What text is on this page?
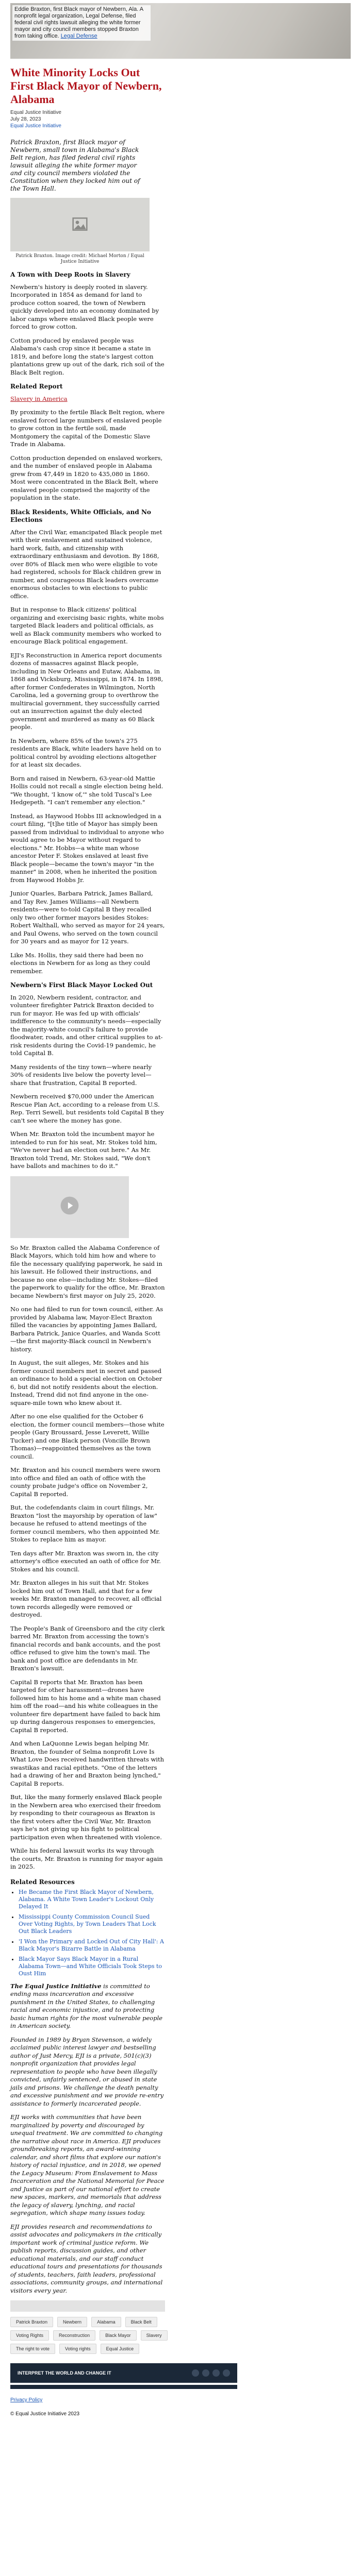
Eddie Braxton, first Black mayor of Newbern, Ala. A nonprofit legal organization, Legal Defense, filed federal civil rights lawsuit alleging the white former mayor and city council members stopped Braxton from taking office. Legal Defense
White Minority Locks Out First Black Mayor of Newbern, Alabama
Equal Justice Initiative
July 28, 2023
Equal Justice Initiative
Patrick Braxton, first Black mayor of Newbern, small town in Alabama's Black Belt region, has filed federal civil rights lawsuit alleging the white former mayor and city council members violated the Constitution when they locked him out of the Town Hall.
Patrick Braxton. Image credit: Michael Morton / Equal Justice Initiative
A Town with Deep Roots in Slavery

Newbern's history is deeply rooted in slavery. Incorporated in 1854 as demand for land to produce cotton soared, the town of Newbern quickly developed into an economy dominated by labor camps where enslaved Black people were forced to grow cotton.

Cotton produced by enslaved people was Alabama's cash crop since it became a state in 1819, and before long the state's largest cotton plantations grew up out of the dark, rich soil of the Black Belt region.

Related Report

Slavery in America

By proximity to the fertile Black Belt region, where enslaved forced large numbers of enslaved people to grow cotton in the fertile soil, made Montgomery the capital of the Domestic Slave Trade in Alabama.

Cotton production depended on enslaved workers, and the number of enslaved people in Alabama grew from 47,449 in 1820 to 435,080 in 1860. Most were concentrated in the Black Belt, where enslaved people comprised the majority of the population in the state.

Black Residents, White Officials, and No Elections

After the Civil War, emancipated Black people met with their enslavement and sustained violence, hard work, faith, and citizenship with extraordinary enthusiasm and devotion. By 1868, over 80% of Black men who were eligible to vote had registered, schools for Black children grew in number, and courageous Black leaders overcame enormous obstacles to win elections to public office.

But in response to Black citizens' political organizing and exercising basic rights, white mobs targeted Black leaders and political officials, as well as Black community members who worked to encourage Black political engagement.

EJI's Reconstruction in America report documents dozens of massacres against Black people, including in New Orleans and Eutaw, Alabama, in 1868 and Vicksburg, Mississippi, in 1874. In 1898, after former Confederates in Wilmington, North Carolina, led a governing group to overthrow the multiracial government, they successfully carried out an insurrection against the duly elected government and murdered as many as 60 Black people.

In Newbern, where 85% of the town's 275 residents are Black, white leaders have held on to political control by avoiding elections altogether for at least six decades.

Born and raised in Newbern, 63-year-old Mattie Hollis could not recall a single election being held. "We thought, 'I know of,'" she told Tuscal's Lee Hedgepeth. "I can't remember any election."

Instead, as Haywood Hobbs III acknowledged in a court filing, "[t]he title of Mayor has simply been passed from individual to individual to anyone who would agree to be Mayor without regard to elections." Mr. Hobbs—a white man whose ancestor Peter F. Stokes enslaved at least five Black people—became the town's mayor "in the manner" in 2008, when he inherited the position from Haywood Hobbs Jr.

Junior Quarles, Barbara Patrick, James Ballard, and Tay Rev. James Williams—all Newbern residents—were to-told Capital B they recalled only two other former mayors besides Stokes: Robert Walthall, who served as mayor for 24 years, and Paul Owens, who served on the town council for 30 years and as mayor for 12 years.

Like Ms. Hollis, they said there had been no elections in Newbern for as long as they could remember.

Newbern's First Black Mayor Locked Out

In 2020, Newbern resident, contractor, and volunteer firefighter Patrick Braxton decided to run for mayor. He was fed up with officials' indifference to the community's needs—especially the majority-white council's failure to provide floodwater, roads, and other critical supplies to at-risk residents during the Covid-19 pandemic, he told Capital B.

Many residents of the tiny town—where nearly 30% of residents live below the poverty level—share that frustration, Capital B reported.

Newbern received $70,000 under the American Rescue Plan Act, according to a release from U.S. Rep. Terri Sewell, but residents told Capital B they can't see where the money has gone.

When Mr. Braxton told the incumbent mayor he intended to run for his seat, Mr. Stokes told him, "We've never had an election out here." As Mr. Braxton told Trend, Mr. Stokes said, "We don't have ballots and machines to do it."

So Mr. Braxton called the Alabama Conference of Black Mayors, which told him how and where to file the necessary qualifying paperwork, he said in his lawsuit. He followed their instructions, and because no one else—including Mr. Stokes—filed the paperwork to qualify for the office, Mr. Braxton became Newbern's first mayor on July 25, 2020.

No one had filed to run for town council, either. As provided by Alabama law, Mayor-Elect Braxton filled the vacancies by appointing James Ballard, Barbara Patrick, Janice Quarles, and Wanda Scott—the first majority-Black council in Newbern's history.

In August, the suit alleges, Mr. Stokes and his former council members met in secret and passed an ordinance to hold a special election on October 6, but did not notify residents about the election. Instead, Trend did not find anyone in the one-square-mile town who knew about it.

After no one else qualified for the October 6 election, the former council members—those white people (Gary Broussard, Jesse Leverett, Willie Tucker) and one Black person (Voncille Brown Thomas)—reappointed themselves as the town council.

Mr. Braxton and his council members were sworn into office and filed an oath of office with the county probate judge's office on November 2, Capital B reported.

But, the codefendants claim in court filings, Mr. Braxton "lost the mayorship by operation of law" because he refused to attend meetings of the former council members, who then appointed Mr. Stokes to replace him as mayor.

Ten days after Mr. Braxton was sworn in, the city attorney's office executed an oath of office for Mr. Stokes and his council.

Mr. Braxton alleges in his suit that Mr. Stokes locked him out of Town Hall, and that for a few weeks Mr. Braxton managed to recover, all official town records allegedly were removed or destroyed.

The People's Bank of Greensboro and the city clerk barred Mr. Braxton from accessing the town's financial records and bank accounts, and the post office refused to give him the town's mail. The bank and post office are defendants in Mr. Braxton's lawsuit.

Capital B reports that Mr. Braxton has been targeted for other harassment—drones have followed him to his home and a white man chased him off the road—and his white colleagues in the volunteer fire department have failed to back him up during dangerous responses to emergencies, Capital B reported.

And when LaQuonne Lewis began helping Mr. Braxton, the founder of Selma nonprofit Love Is What Love Does received handwritten threats with swastikas and racial epithets. "One of the letters had a drawing of her and Braxton being lynched," Capital B reports.

But, like the many formerly enslaved Black people in the Newbern area who exercised their freedom by responding to their courageous as Braxton is the first voters after the Civil War, Mr. Braxton says he's not giving up his fight to political participation even when threatened with violence.

While his federal lawsuit works its way through the courts, Mr. Braxton is running for mayor again in 2025.

Related Resources
• He Became the First Black Mayor of Newbern, Alabama. A White Town Leader's Lockout Only Delayed It
• Mississippi County Commission Council Sued Over Voting Rights, by Town Leaders That Lock Out Black Leaders
• 'I Won the Primary and Locked Out of City Hall': A Black Mayor's Bizarre Battle in Alabama
• Black Mayor Says Black Mayor in a Rural Alabama Town—and White Officials Took Steps to Oust Him

The Equal Justice Initiative is committed to ending mass incarceration and excessive punishment in the United States, to challenging racial and economic injustice, and to protecting basic human rights for the most vulnerable people in American society.

Founded in 1989 by Bryan Stevenson, a widely acclaimed public interest lawyer and bestselling author of Just Mercy, EJI is a private, 501(c)(3) nonprofit organization that provides legal representation to people who have been illegally convicted, unfairly sentenced, or abused in state jails and prisons. We challenge the death penalty and excessive punishment and we provide re-entry assistance to formerly incarcerated people.

EJI works with communities that have been marginalized by poverty and discouraged by unequal treatment. We are committed to changing the narrative about race in America. EJI produces groundbreaking reports, an award-winning calendar, and short films that explore our nation's history of racial injustice, and in 2018, we opened the Legacy Museum: From Enslavement to Mass Incarceration and the National Memorial for Peace and Justice as part of our national effort to create new spaces, markers, and memorials that address the legacy of slavery, lynching, and racial segregation, which shape many issues today.

EJI provides research and recommendations to assist advocates and policymakers in the critically important work of criminal justice reform. We publish reports, discussion guides, and other educational materials, and our staff conduct educational tours and presentations for thousands of students, teachers, faith leaders, professional associations, community groups, and international visitors every year.

Patrick Braxton	Newbern	Alabama	Black Belt
Voting Rights	Reconstruction	Black Mayor	Slavery
The right to vote	Voting rights	Equal Justice
INTERPRET THE WORLD AND CHANGE IT
Privacy Policy
© Equal Justice Initiative 2023
